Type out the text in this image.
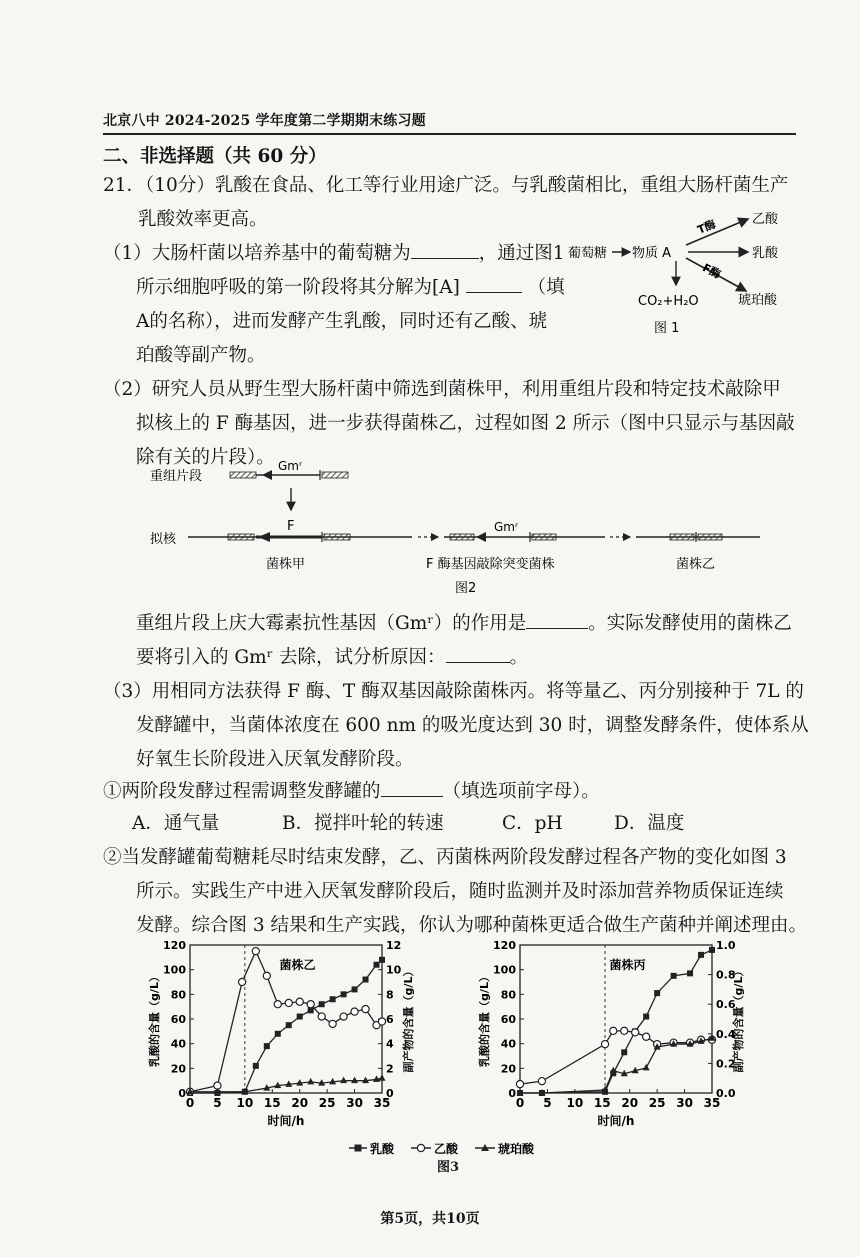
北京八中 2024-2025 学年度第二学期期末练习题
二、非选择题（共 60 分）
21．（10分）乳酸在食品、化工等行业用途广泛。与乳酸菌相比，重组大肠杆菌生产
乳酸效率更高。
（1）大肠杆菌以培养基中的葡萄糖为	，通过图1
所示细胞呼吸的第一阶段将其分解为[A]	（填
A的名称），进而发酵产生乳酸，同时还有乙酸、琥
珀酸等副产物。
葡萄糖 物质 A
T酶	乙酸
乳酸
F酶
琥珀酸
CO₂+H₂O
图 1
（2）研究人员从野生型大肠杆菌中筛选到菌株甲，利用重组片段和特定技术敲除甲
拟核上的 F 酶基因，进一步获得菌株乙，过程如图 2 所示（图中只显示与基因敲
除有关的片段）。
重组片段
Gmʳ
拟核
F	Gmʳ
菌株甲	F 酶基因敲除突变菌株	菌株乙
图2
重组片段上庆大霉素抗性基因（Gmʳ）的作用是	。实际发酵使用的菌株乙
要将引入的 Gmʳ 去除，试分析原因：	。
（3）用相同方法获得 F 酶、T 酶双基因敲除菌株丙。将等量乙、丙分别接种于 7L 的
发酵罐中，当菌体浓度在 600 nm 的吸光度达到 30 时，调整发酵条件，使体系从
好氧生长阶段进入厌氧发酵阶段。
①两阶段发酵过程需调整发酵罐的	（填选项前字母）。
A．通气量	B．搅拌叶轮的转速	C．pH	D．温度
②当发酵罐葡萄糖耗尽时结束发酵，乙、丙菌株两阶段发酵过程各产物的变化如图 3
所示。实践生产中进入厌氧发酵阶段后，随时监测并及时添加营养物质保证连续
发酵。综合图 3 结果和生产实践，你认为哪种菌株更适合做生产菌种并阐述理由。
0
20
40
60
80
100
120
0
2
4
6
8
10
12
0 5 10 15 20 25 30 35
菌株乙
时间/h
乳酸的含量（g/L）	副产物的含量（g/L）
0
20
40
60
80
100
120
0.0
0.2
0.4
0.6
0.8
1.0
0 5 10 15 20 25 30 35
菌株丙
时间/h
乳酸的含量（g/L）	副产物的含量（g/L）
乳酸	乙酸	琥珀酸
图3
第5页，共10页
